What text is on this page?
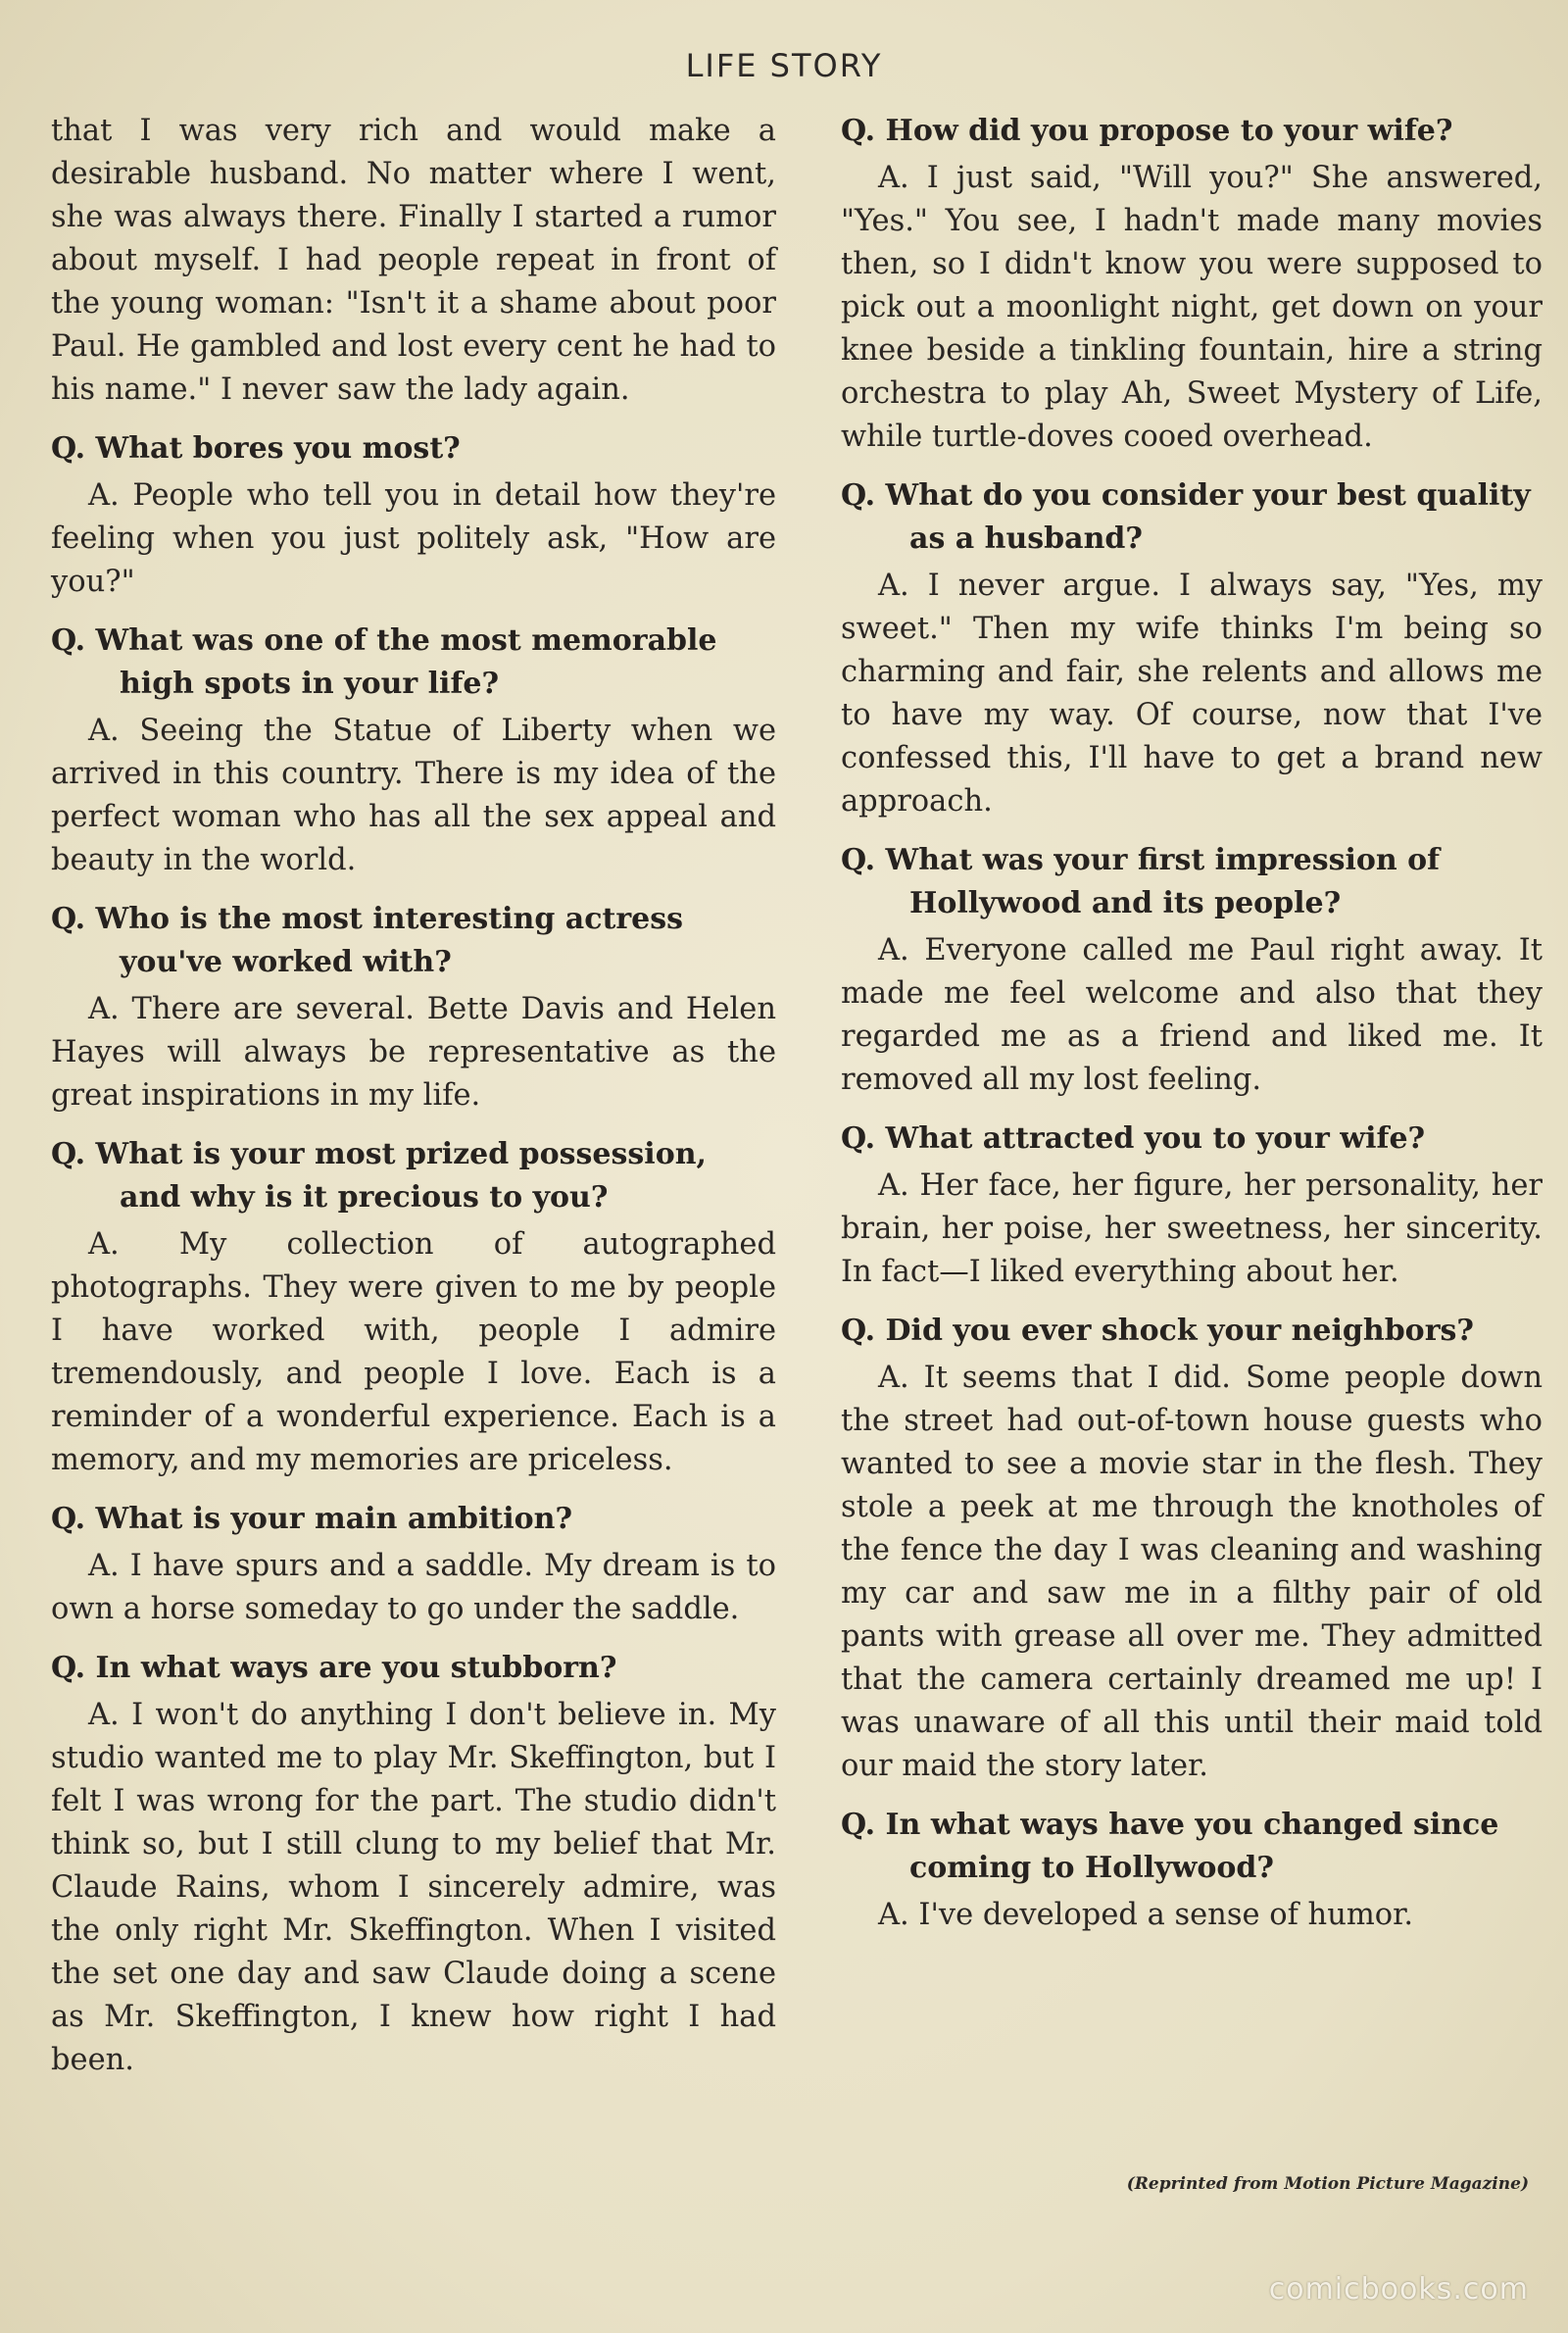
LIFE STORY

that I was very rich and would make a desirable husband. No matter where I went, she was always there. Finally I started a rumor about myself. I had people repeat in front of the young woman: "Isn't it a shame about poor Paul. He gambled and lost every cent he had to his name." I never saw the lady again.

Q. What bores you most?

A. People who tell you in detail how they're feeling when you just politely ask, "How are you?"

Q. What was one of the most memorable high spots in your life?

A. Seeing the Statue of Liberty when we arrived in this country. There is my idea of the perfect woman who has all the sex appeal and beauty in the world.

Q. Who is the most interesting actress you've worked with?

A. There are several. Bette Davis and Helen Hayes will always be representative as the great inspirations in my life.

Q. What is your most prized possession, and why is it precious to you?

A. My collection of autographed photographs. They were given to me by people I have worked with, people I admire tremendously, and people I love. Each is a reminder of a wonderful experience. Each is a memory, and my memories are priceless.

Q. What is your main ambition?

A. I have spurs and a saddle. My dream is to own a horse someday to go under the saddle.

Q. In what ways are you stubborn?

A. I won't do anything I don't believe in. My studio wanted me to play Mr. Skeffington, but I felt I was wrong for the part. The studio didn't think so, but I still clung to my belief that Mr. Claude Rains, whom I sincerely admire, was the only right Mr. Skeffington. When I visited the set one day and saw Claude doing a scene as Mr. Skeffington, I knew how right I had been.

Q. How did you propose to your wife?

A. I just said, "Will you?" She answered, "Yes." You see, I hadn't made many movies then, so I didn't know you were supposed to pick out a moonlight night, get down on your knee beside a tinkling fountain, hire a string orchestra to play Ah, Sweet Mystery of Life, while turtle-doves cooed overhead.

Q. What do you consider your best quality as a husband?

A. I never argue. I always say, "Yes, my sweet." Then my wife thinks I'm being so charming and fair, she relents and allows me to have my way. Of course, now that I've confessed this, I'll have to get a brand new approach.

Q. What was your first impression of Hollywood and its people?

A. Everyone called me Paul right away. It made me feel welcome and also that they regarded me as a friend and liked me. It removed all my lost feeling.

Q. What attracted you to your wife?

A. Her face, her figure, her personality, her brain, her poise, her sweetness, her sincerity. In fact—I liked everything about her.

Q. Did you ever shock your neighbors?

A. It seems that I did. Some people down the street had out-of-town house guests who wanted to see a movie star in the flesh. They stole a peek at me through the knotholes of the fence the day I was cleaning and washing my car and saw me in a filthy pair of old pants with grease all over me. They admitted that the camera certainly dreamed me up! I was unaware of all this until their maid told our maid the story later.

Q. In what ways have you changed since coming to Hollywood?

A. I've developed a sense of humor.

(Reprinted from Motion Picture Magazine)
comicbooks.com
